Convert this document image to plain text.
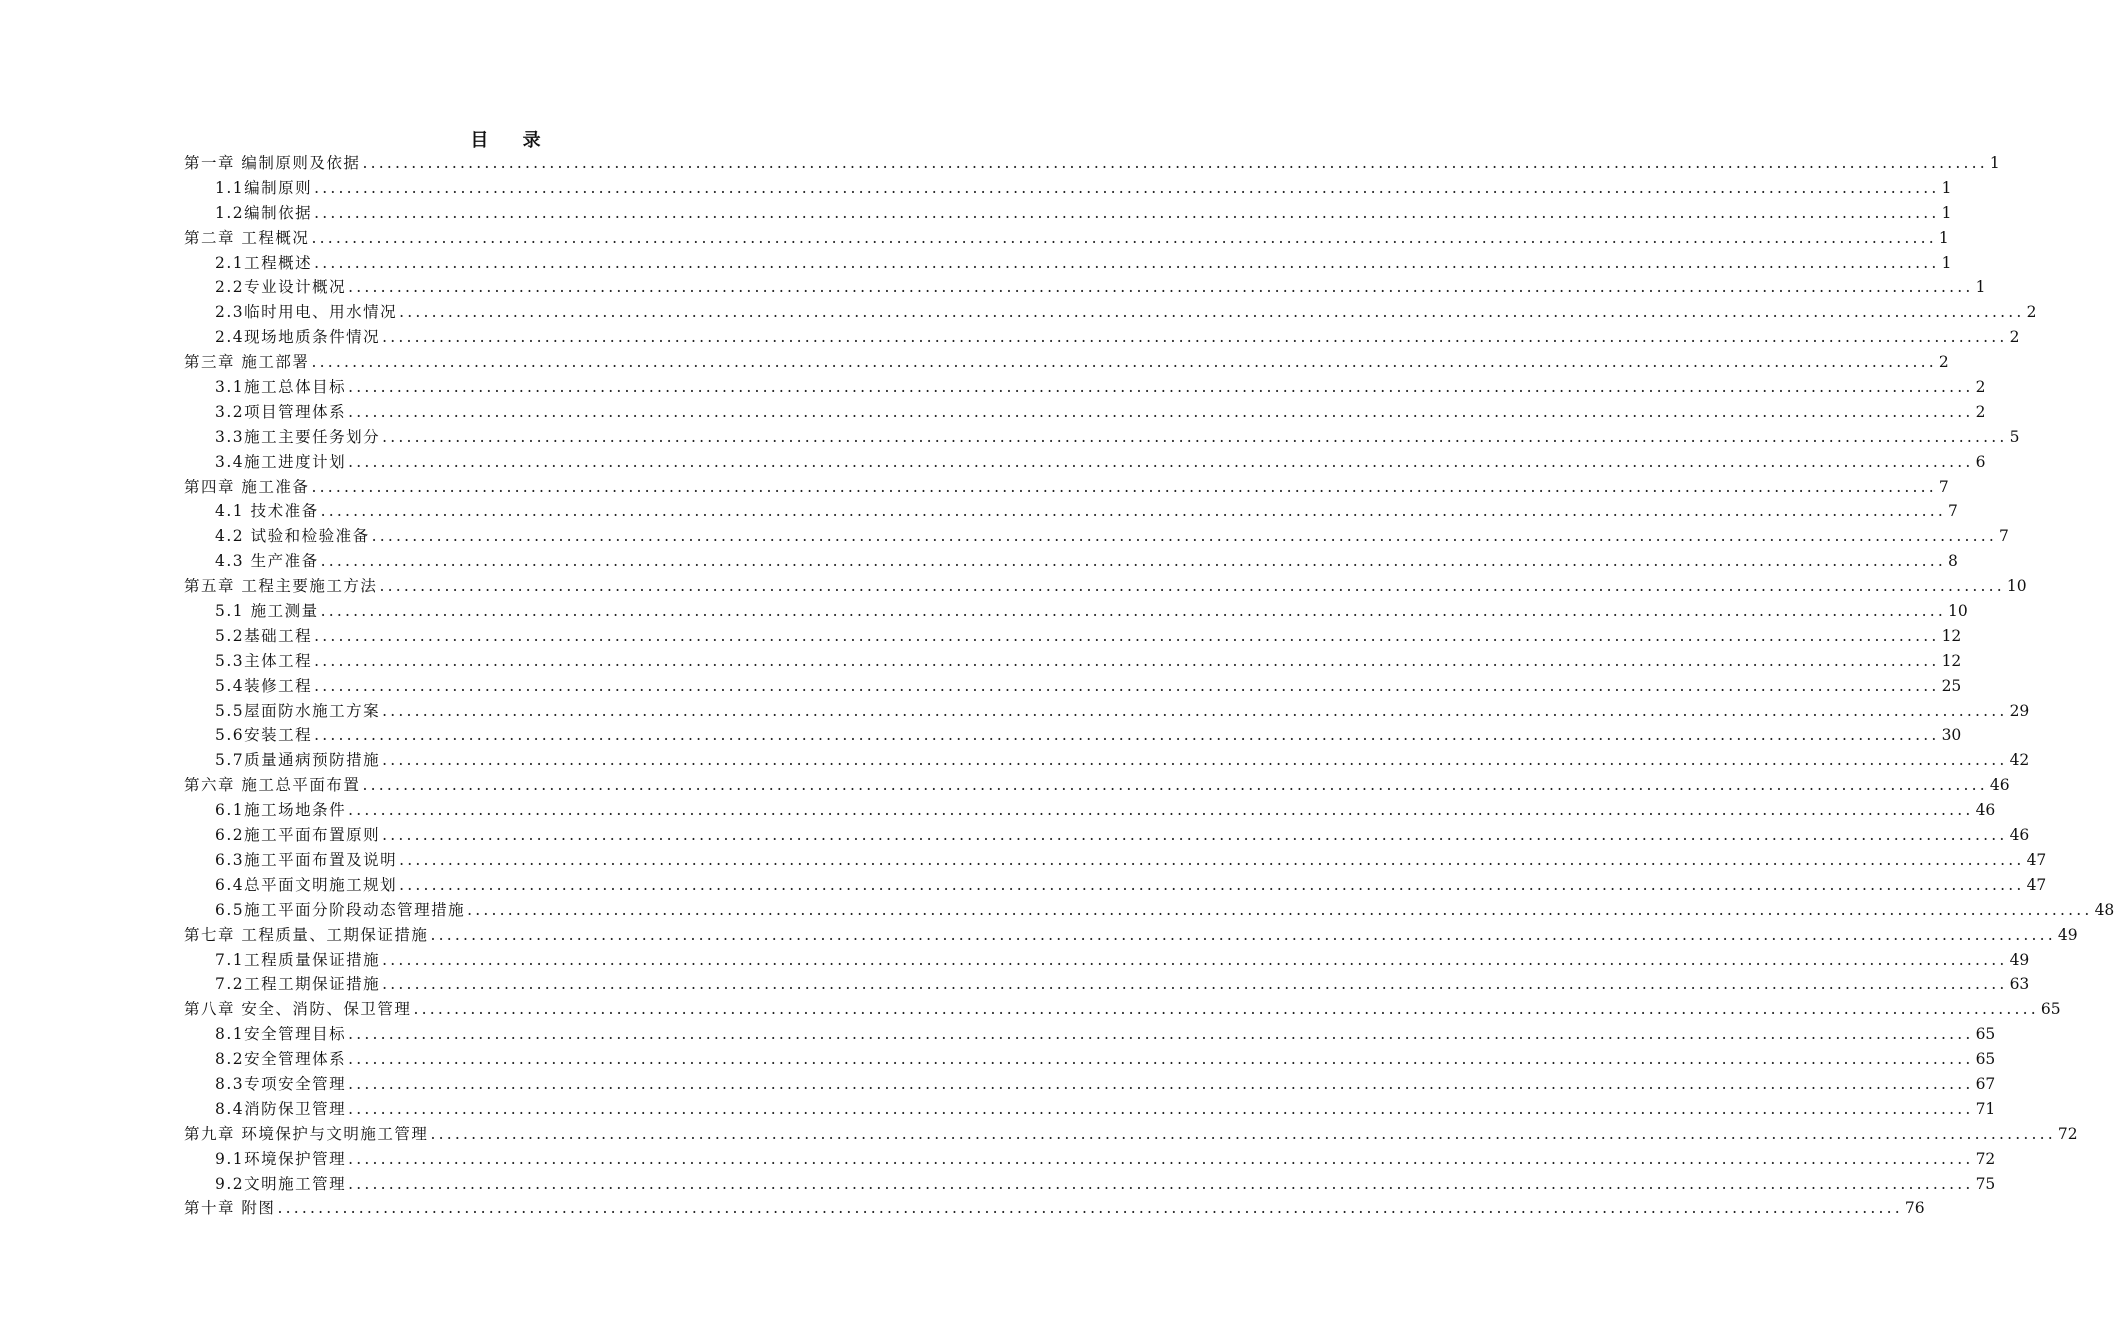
目 录
第一章 编制原则及依据 ........................................................................................................................................................................................................ 1
1.1编制原则 ........................................................................................................................................................................................................ 1
1.2编制依据 ........................................................................................................................................................................................................ 1
第二章 工程概况 ........................................................................................................................................................................................................ 1
2.1工程概述 ........................................................................................................................................................................................................ 1
2.2专业设计概况 ........................................................................................................................................................................................................ 1
2.3临时用电、用水情况 ........................................................................................................................................................................................................ 2
2.4现场地质条件情况 ........................................................................................................................................................................................................ 2
第三章 施工部署 ........................................................................................................................................................................................................ 2
3.1施工总体目标 ........................................................................................................................................................................................................ 2
3.2项目管理体系 ........................................................................................................................................................................................................ 2
3.3施工主要任务划分 ........................................................................................................................................................................................................ 5
3.4施工进度计划 ........................................................................................................................................................................................................ 6
第四章 施工准备 ........................................................................................................................................................................................................ 7
4.1 技术准备 ........................................................................................................................................................................................................ 7
4.2 试验和检验准备 ........................................................................................................................................................................................................ 7
4.3 生产准备 ........................................................................................................................................................................................................ 8
第五章 工程主要施工方法 ........................................................................................................................................................................................................ 10
5.1 施工测量 ........................................................................................................................................................................................................ 10
5.2基础工程 ........................................................................................................................................................................................................ 12
5.3主体工程 ........................................................................................................................................................................................................ 12
5.4装修工程 ........................................................................................................................................................................................................ 25
5.5屋面防水施工方案 ........................................................................................................................................................................................................ 29
5.6安装工程 ........................................................................................................................................................................................................ 30
5.7质量通病预防措施 ........................................................................................................................................................................................................ 42
第六章 施工总平面布置 ........................................................................................................................................................................................................ 46
6.1施工场地条件 ........................................................................................................................................................................................................ 46
6.2施工平面布置原则 ........................................................................................................................................................................................................ 46
6.3施工平面布置及说明 ........................................................................................................................................................................................................ 47
6.4总平面文明施工规划 ........................................................................................................................................................................................................ 47
6.5施工平面分阶段动态管理措施 ........................................................................................................................................................................................................ 48
第七章 工程质量、工期保证措施 ........................................................................................................................................................................................................ 49
7.1工程质量保证措施 ........................................................................................................................................................................................................ 49
7.2工程工期保证措施 ........................................................................................................................................................................................................ 63
第八章 安全、消防、保卫管理 ........................................................................................................................................................................................................ 65
8.1安全管理目标 ........................................................................................................................................................................................................ 65
8.2安全管理体系 ........................................................................................................................................................................................................ 65
8.3专项安全管理 ........................................................................................................................................................................................................ 67
8.4消防保卫管理 ........................................................................................................................................................................................................ 71
第九章 环境保护与文明施工管理 ........................................................................................................................................................................................................ 72
9.1环境保护管理 ........................................................................................................................................................................................................ 72
9.2文明施工管理 ........................................................................................................................................................................................................ 75
第十章 附图 ........................................................................................................................................................................................................ 76
